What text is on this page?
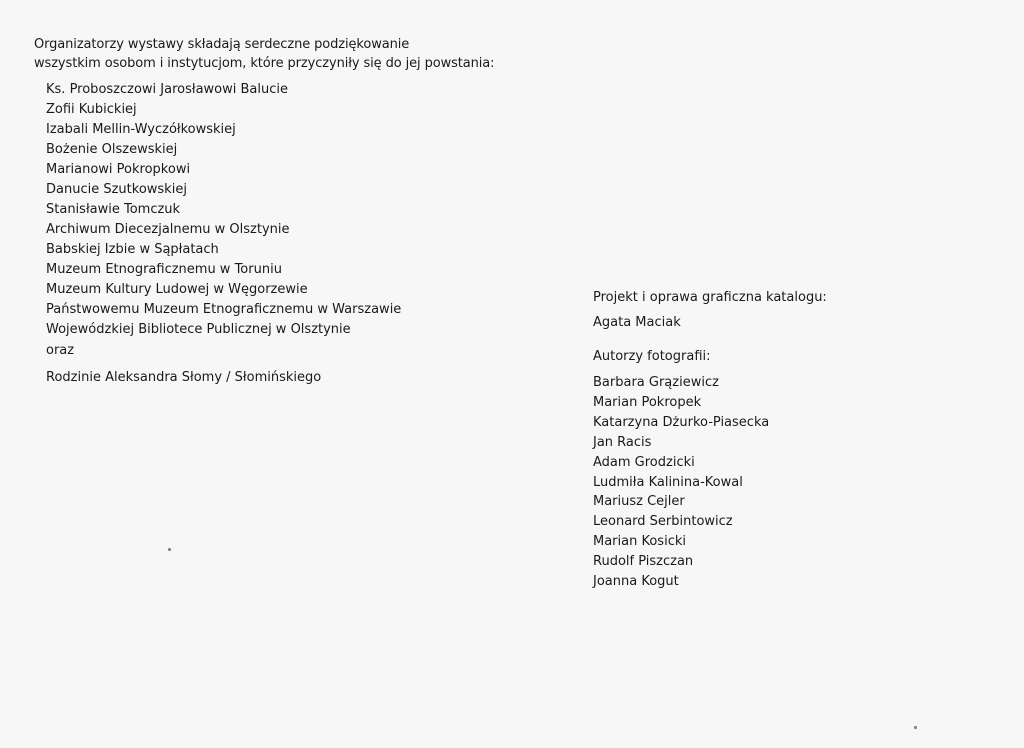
Organizatorzy wystawy składają serdeczne podziękowanie
wszystkim osobom i instytucjom, które przyczyniły się do jej powstania:
Ks. Proboszczowi Jarosławowi Balucie
Zofii Kubickiej
Izabali Mellin-Wyczółkowskiej
Bożenie Olszewskiej
Marianowi Pokropkowi
Danucie Szutkowskiej
Stanisławie Tomczuk
Archiwum Diecezjalnemu w Olsztynie
Babskiej Izbie w Sąpłatach
Muzeum Etnograficznemu w Toruniu
Muzeum Kultury Ludowej w Węgorzewie
Państwowemu Muzeum Etnograficznemu w Warszawie
Wojewódzkiej Bibliotece Publicznej w Olsztynie
oraz
Rodzinie Aleksandra Słomy / Słomińskiego
Projekt i oprawa graficzna katalogu:
Agata Maciak
Autorzy fotografii:
Barbara Grąziewicz
Marian Pokropek
Katarzyna Dżurko-Piasecka
Jan Racis
Adam Grodzicki
Ludmiła Kalinina-Kowal
Mariusz Cejler
Leonard Serbintowicz
Marian Kosicki
Rudolf Piszczan
Joanna Kogut
